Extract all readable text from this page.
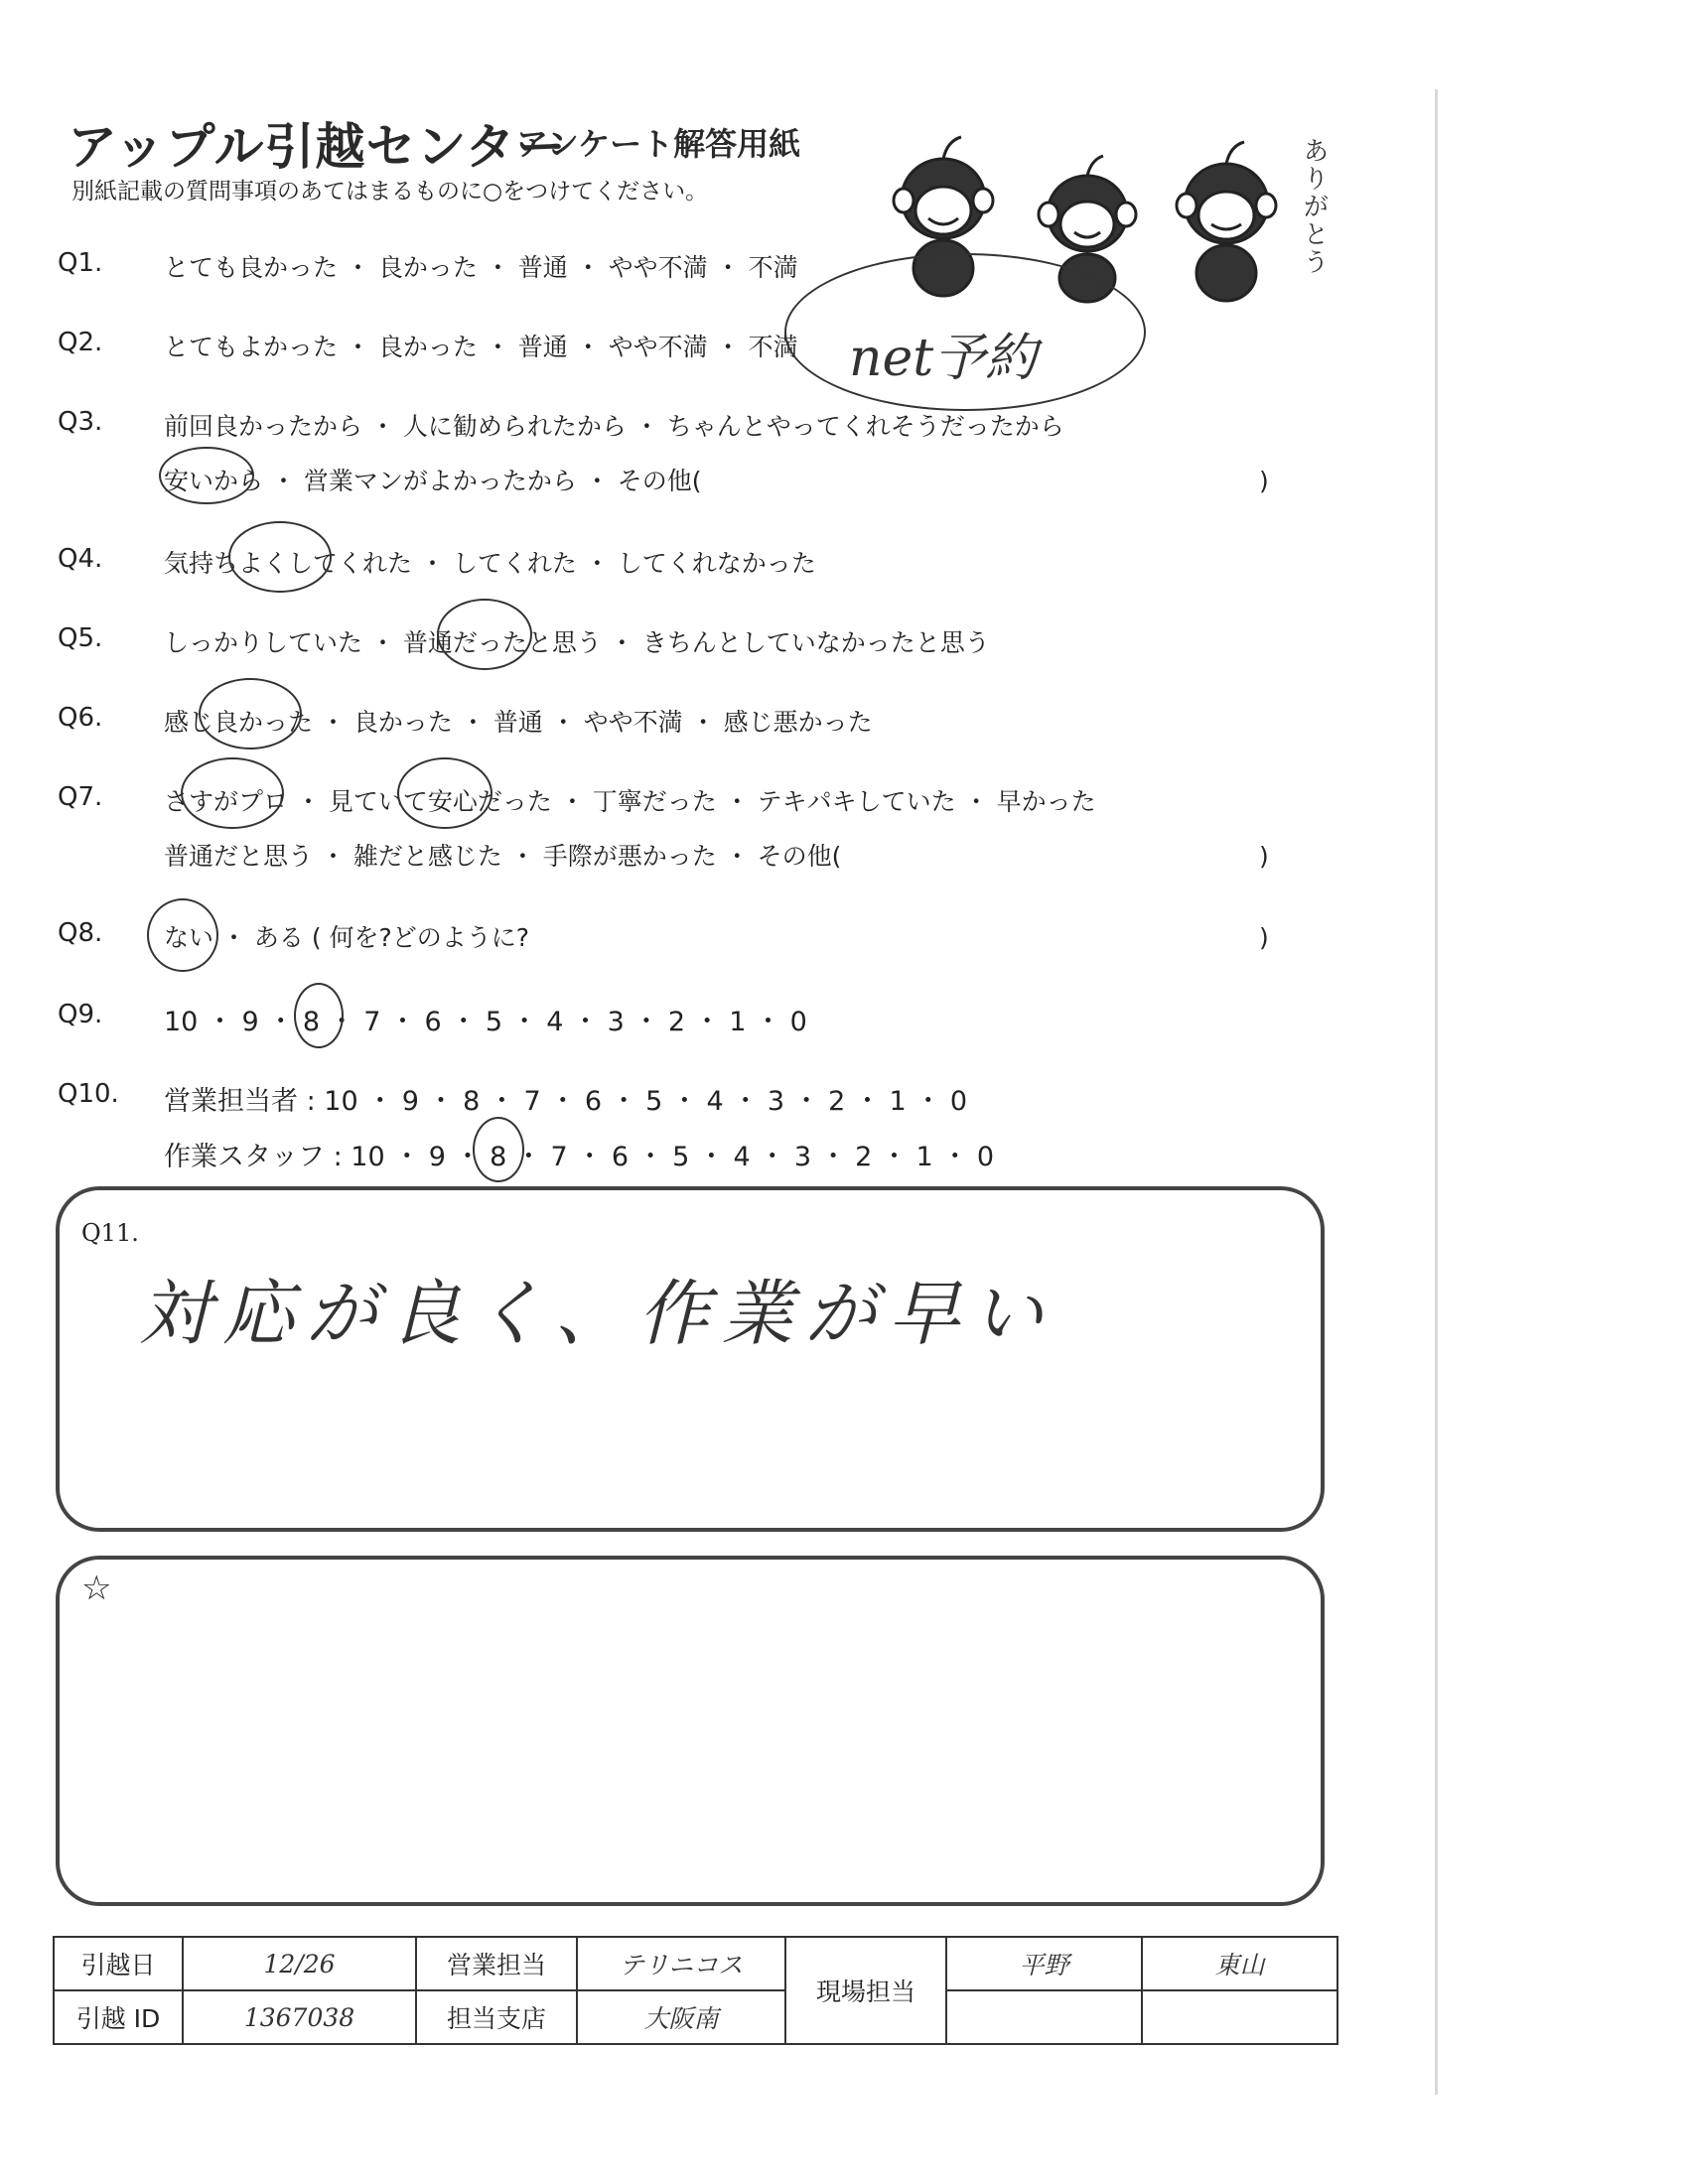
アップル引越センター
アンケート解答用紙
別紙記載の質問事項のあてはまるものに○をつけてください。	ありがとう
Q1. とても良かった ・ 良かった ・ 普通 ・ やや不満 ・ 不満
Q2. とてもよかった ・ 良かった ・ 普通 ・ やや不満 ・ 不満 net予約
Q3. 前回良かったから ・ 人に勧められたから ・ ちゃんとやってくれそうだったから
安いから ・ 営業マンがよかったから ・ その他(	)
Q4. 気持ちよくしてくれた ・ してくれた ・ してくれなかった
Q5. しっかりしていた ・ 普通だったと思う ・ きちんとしていなかったと思う
Q6. 感じ良かった ・ 良かった ・ 普通 ・ やや不満 ・ 感じ悪かった
Q7. さすがプロ ・ 見ていて安心だった ・ 丁寧だった ・ テキパキしていた ・ 早かった
普通だと思う ・ 雑だと感じた ・ 手際が悪かった ・ その他(	)
Q8. ない ・ ある ( 何を?どのように?	)
Q9. 10 ・ 9 ・ 8 ・ 7 ・ 6 ・ 5 ・ 4 ・ 3 ・ 2 ・ 1 ・ 0
Q10. 営業担当者 : 10 ・ 9 ・ 8 ・ 7 ・ 6 ・ 5 ・ 4 ・ 3 ・ 2 ・ 1 ・ 0
作業スタッフ : 10 ・ 9 ・ 8 ・ 7 ・ 6 ・ 5 ・ 4 ・ 3 ・ 2 ・ 1 ・ 0
Q11.
対応が良く、作業が早い
☆
引越日	12/26	営業担当	テリニコス	現場担当	平野	東山
引越 ID	1367038	担当支店	大阪南			
